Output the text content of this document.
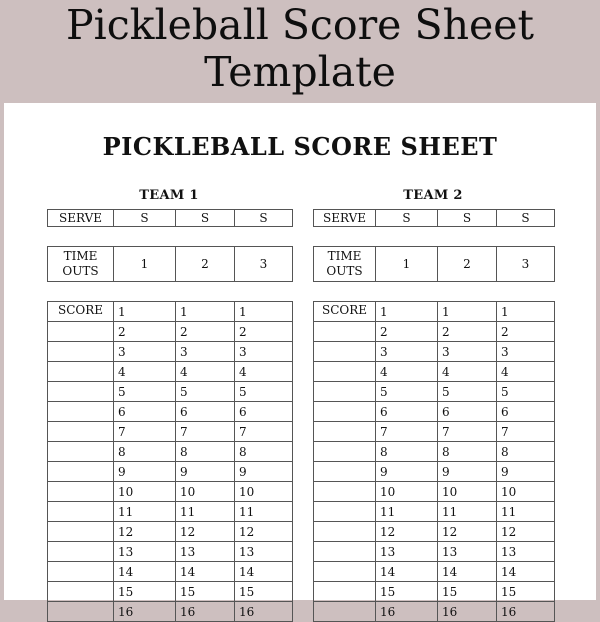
Pickleball Score Sheet
Template
PICKLEBALL SCORE SHEET
TEAM 1	TEAM 2
SERVE	S	S	S	SERVE	S	S	S
TIME
OUTS	1	2	3
TIME
OUTS	1	2	3
SCORE	1	1	1
	2	2	2
	3	3	3
	4	4	4
	5	5	5
	6	6	6
	7	7	7
	8	8	8
	9	9	9
	10	10	10
	11	11	11
	12	12	12
	13	13	13
	14	14	14
	15	15	15
	16	16	16
SCORE	1	1	1
	2	2	2
	3	3	3
	4	4	4
	5	5	5
	6	6	6
	7	7	7
	8	8	8
	9	9	9
	10	10	10
	11	11	11
	12	12	12
	13	13	13
	14	14	14
	15	15	15
	16	16	16
